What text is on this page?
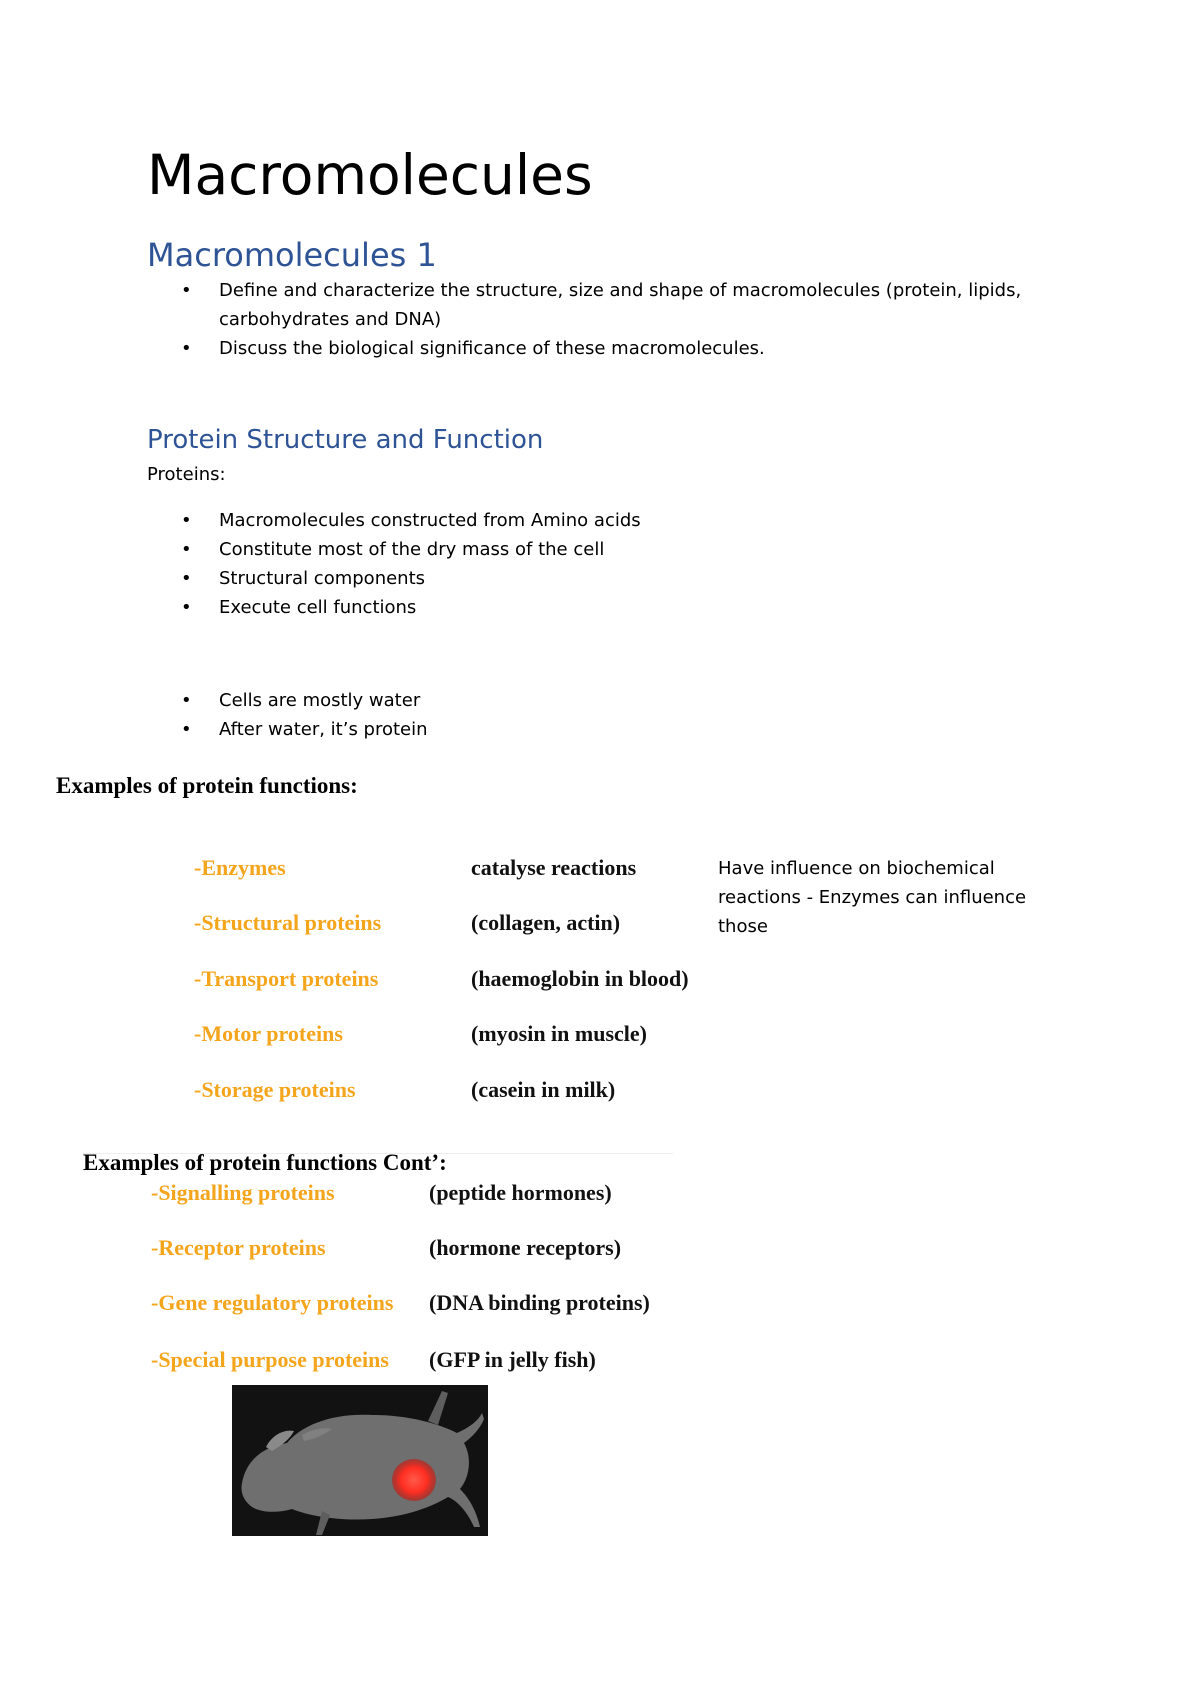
Macromolecules
Macromolecules 1
• Define and characterize the structure, size and shape of macromolecules (protein, lipids, carbohydrates and DNA)
• Discuss the biological significance of these macromolecules.
Protein Structure and Function
Proteins:
• Macromolecules constructed from Amino acids
• Constitute most of the dry mass of the cell
• Structural components
• Execute cell functions
• Cells are mostly water
• After water, it’s protein
Examples of protein functions:
-Enzymes	catalyse reactions
-Structural proteins	(collagen, actin)
-Transport proteins	(haemoglobin in blood)
-Motor proteins	(myosin in muscle)
-Storage proteins	(casein in milk)
Have influence on biochemical reactions - Enzymes can influence those
Examples of protein functions Cont’:
-Signalling proteins	(peptide hormones)
-Receptor proteins	(hormone receptors)
-Gene regulatory proteins (DNA binding proteins)
-Special purpose proteins (GFP in jelly fish)
